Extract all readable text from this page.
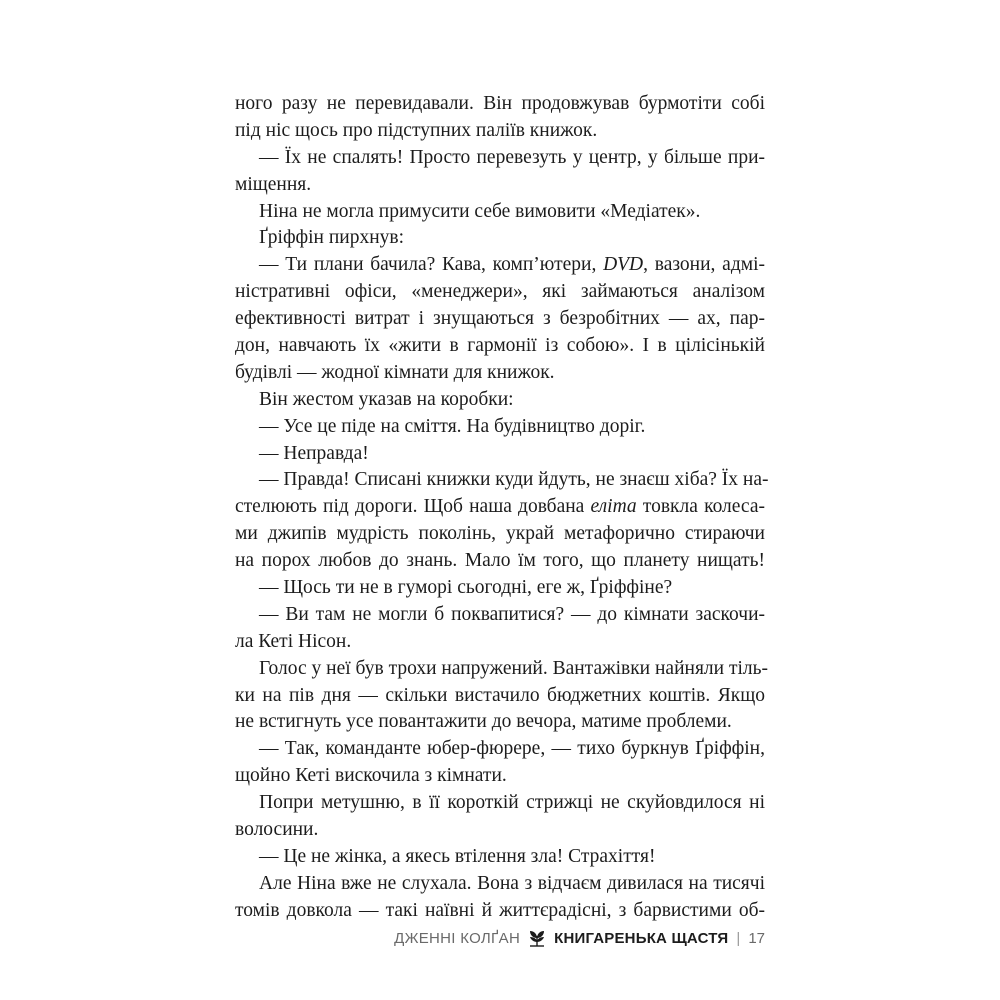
ного разу не перевидавали. Він продовжував бурмотіти собі
під ніс щось про підступних паліїв книжок.
— Їх не спалять! Просто перевезуть у центр, у більше при-
міщення.
Ніна не могла примусити себе вимовити «Медіатек».
Ґріффін пирхнув:
— Ти плани бачила? Кава, комп’ютери, DVD, вазони, адмі-
ністративні офіси, «менеджери», які займаються аналізом
ефективності витрат і знущаються з безробітних — ах, пар-
дон, навчають їх «жити в гармонії із собою». І в цілісінькій
будівлі — жодної кімнати для книжок.
Він жестом указав на коробки:
— Усе це піде на сміття. На будівництво доріг.
— Неправда!
— Правда! Списані книжки куди йдуть, не знаєш хіба? Їх на-
стелюють під дороги. Щоб наша довбана еліта товкла колеса-
ми джипів мудрість поколінь, украй метафорично стираючи
на порох любов до знань. Мало їм того, що планету нищать!
— Щось ти не в гуморі сьогодні, еге ж, Ґріффіне?
— Ви там не могли б поквапитися? — до кімнати заскочи-
ла Кеті Нісон.
Голос у неї був трохи напружений. Вантажівки найняли тіль-
ки на пів дня — скільки вистачило бюджетних коштів. Якщо
не встигнуть усе повантажити до вечора, матиме проблеми.
— Так, команданте юбер-фюрере, — тихо буркнув Ґріффін,
щойно Кеті вискочила з кімнати.
Попри метушню, в її короткій стрижці не скуйовдилося ні
волосини.
— Це не жінка, а якесь втілення зла! Страхіття!
Але Ніна вже не слухала. Вона з відчаєм дивилася на тисячі
томів довкола — такі наївні й життєрадісні, з барвистими об-
ДЖЕННІ КОЛҐАН КНИГАРЕНЬКА ЩАСТЯ | 17
